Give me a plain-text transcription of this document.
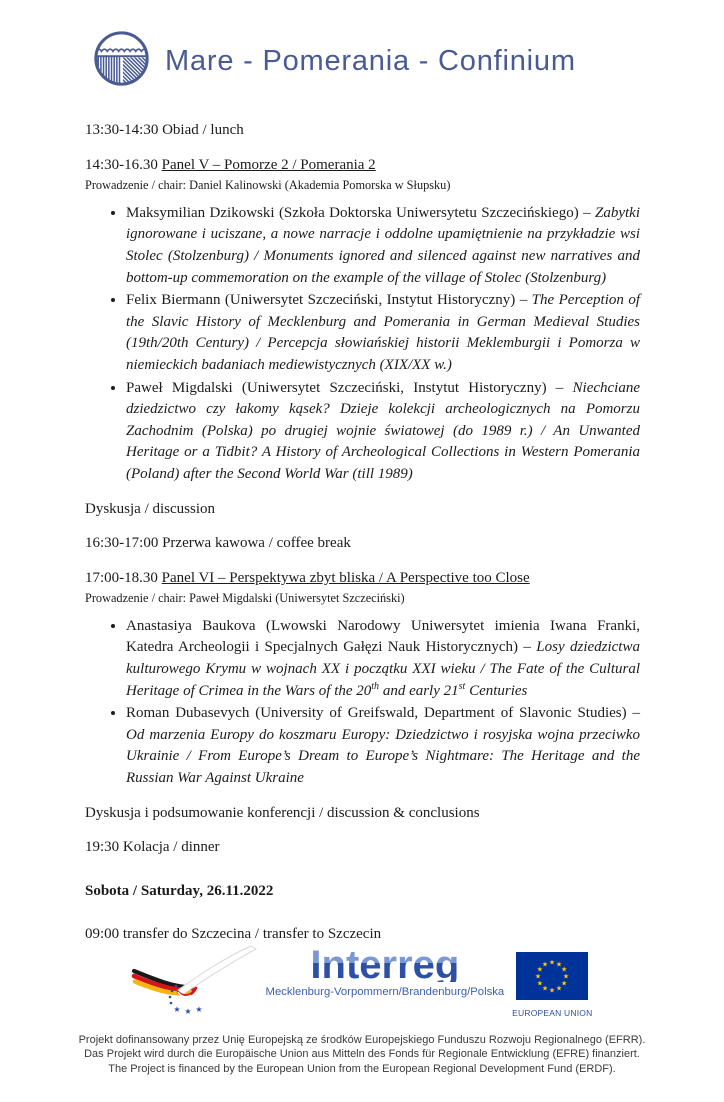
Mare - Pomerania - Confinium

13:30-14:30 Obiad / lunch

14:30-16.30 Panel V – Pomorze 2 / Pomerania 2

Prowadzenie / chair: Daniel Kalinowski (Akademia Pomorska w Słupsku)

• Maksymilian Dzikowski (Szkoła Doktorska Uniwersytetu Szczecińskiego) – Zabytki ignorowane i uciszane, a nowe narracje i oddolne upamiętnienie na przykładzie wsi Stolec (Stolzenburg) / Monuments ignored and silenced against new narratives and bottom-up commemoration on the example of the village of Stolec (Stolzenburg)
• Felix Biermann (Uniwersytet Szczeciński, Instytut Historyczny) – The Perception of the Slavic History of Mecklenburg and Pomerania in German Medieval Studies (19th/20th Century) / Percepcja słowiańskiej historii Meklemburgii i Pomorza w niemieckich badaniach mediewistycznych (XIX/XX w.)
• Paweł Migdalski (Uniwersytet Szczeciński, Instytut Historyczny) – Niechciane dziedzictwo czy łakomy kąsek? Dzieje kolekcji archeologicznych na Pomorzu Zachodnim (Polska) po drugiej wojnie światowej (do 1989 r.) / An Unwanted Heritage or a Tidbit? A History of Archeological Collections in Western Pomerania (Poland) after the Second World War (till 1989)

Dyskusja / discussion

16:30-17:00 Przerwa kawowa / coffee break

17:00-18.30 Panel VI – Perspektywa zbyt bliska / A Perspective too Close

Prowadzenie / chair: Paweł Migdalski (Uniwersytet Szczeciński)

• Anastasiya Baukova (Lwowski Narodowy Uniwersytet imienia Iwana Franki, Katedra Archeologii i Specjalnych Gałęzi Nauk Historycznych) – Losy dziedzictwa kulturowego Krymu w wojnach XX i początku XXI wieku / The Fate of the Cultural Heritage of Crimea in the Wars of the 20th and early 21st Centuries
• Roman Dubasevych (University of Greifswald, Department of Slavonic Studies) – Od marzenia Europy do koszmaru Europy: Dziedzictwo i rosyjska wojna przeciwko Ukrainie / From Europe’s Dream to Europe’s Nightmare: The Heritage and the Russian War Against Ukraine

Dyskusja i podsumowanie konferencji / discussion & conclusions

19:30 Kolacja / dinner

Sobota / Saturday, 26.11.2022

09:00 transfer do Szczecina / transfer to Szczecin

★ ★ ★
Interreg
Mecklenburg-Vorpommern/Brandenburg/Polska
★ ★
★
★
★
★
★
★
★
★
★
★
EUROPEAN UNION

Projekt dofinansowany przez Unię Europejską ze środków Europejskiego Funduszu Rozwoju Regionalnego (EFRR).

Das Projekt wird durch die Europäische Union aus Mitteln des Fonds für Regionale Entwicklung (EFRE) finanziert.

The Project is financed by the European Union from the European Regional Development Fund (ERDF).
